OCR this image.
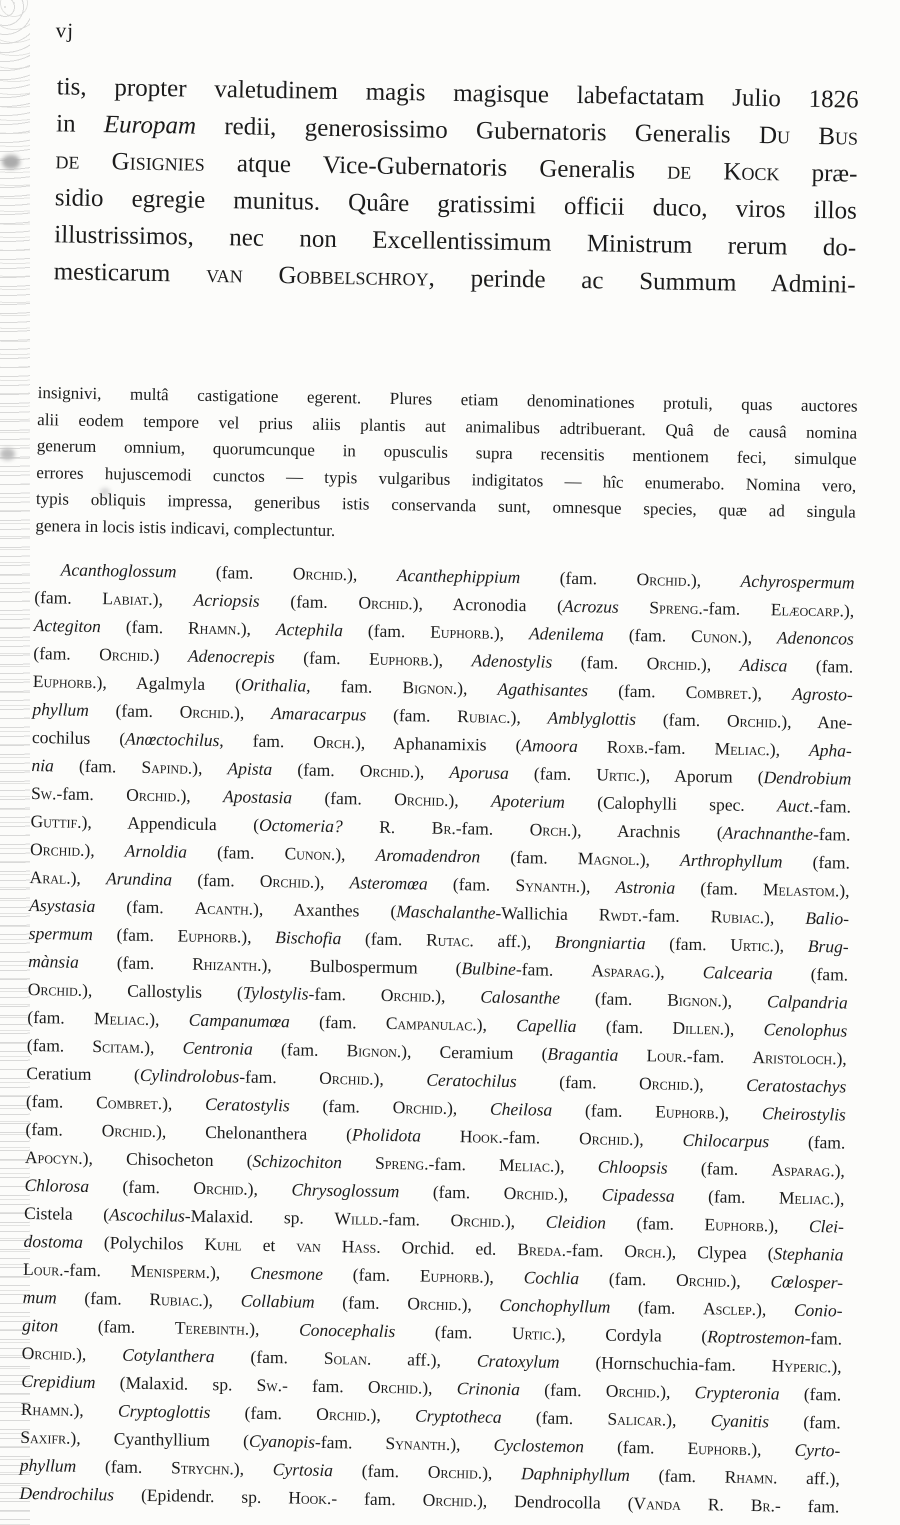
vj
tis, propter valetudinem magis magisque labefactatam Julio 1826
in Europam redii, generosissimo Gubernatoris Generalis Du Bus
de Gisignies atque Vice-Gubernatoris Generalis de Kock præ-
sidio egregie munitus. Quâre gratissimi officii duco, viros illos
illustrissimos, nec non Excellentissimum Ministrum rerum do-
mesticarum van Gobbelschroy, perinde ac Summum Admini-
insignivi, multâ castigatione egerent. Plures etiam denominationes protuli, quas auctores
alii eodem tempore vel prius aliis plantis aut animalibus adtribuerant. Quâ de causâ nomina
generum omnium, quorumcunque in opusculis supra recensitis mentionem feci, simulque
errores hujuscemodi cunctos — typis vulgaribus indigitatos — hîc enumerabo. Nomina vero,
typis obliquis impressa, generibus istis conservanda sunt, omnesque species, quæ ad singula
genera in locis istis indicavi, complectuntur.
Acanthoglossum (fam. Orchid.), Acanthephippium (fam. Orchid.), Achyrospermum
(fam. Labiat.), Acriopsis (fam. Orchid.), Acronodia (Acrozus Spreng.-fam. Elæocarp.),
Actegiton (fam. Rhamn.), Actephila (fam. Euphorb.), Adenilema (fam. Cunon.), Adenoncos
(fam. Orchid.) Adenocrepis (fam. Euphorb.), Adenostylis (fam. Orchid.), Adisca (fam.
Euphorb.), Agalmyla (Orithalia, fam. Bignon.), Agathisantes (fam. Combret.), Agrosto-
phyllum (fam. Orchid.), Amaracarpus (fam. Rubiac.), Amblyglottis (fam. Orchid.), Ane-
cochilus (Anœctochilus, fam. Orch.), Aphanamixis (Amoora Roxb.-fam. Meliac.), Apha-
nia (fam. Sapind.), Apista (fam. Orchid.), Aporusa (fam. Urtic.), Aporum (Dendrobium
Sw.-fam. Orchid.), Apostasia (fam. Orchid.), Apoterium (Calophylli spec. Auct.-fam.
Guttif.), Appendicula (Octomeria? R. Br.-fam. Orch.), Arachnis (Arachnanthe-fam.
Orchid.), Arnoldia (fam. Cunon.), Aromadendron (fam. Magnol.), Arthrophyllum (fam.
Aral.), Arundina (fam. Orchid.), Asteromœa (fam. Synanth.), Astronia (fam. Melastom.),
Asystasia (fam. Acanth.), Axanthes (Maschalanthe-Wallichia Rwdt.-fam. Rubiac.), Balio-
spermum (fam. Euphorb.), Bischofia (fam. Rutac. aff.), Brongniartia (fam. Urtic.), Brug-
mànsia (fam. Rhizanth.), Bulbospermum (Bulbine-fam. Asparag.), Calcearia (fam.
Orchid.), Callostylis (Tylostylis-fam. Orchid.), Calosanthe (fam. Bignon.), Calpandria
(fam. Meliac.), Campanumœa (fam. Campanulac.), Capellia (fam. Dillen.), Cenolophus
(fam. Scitam.), Centronia (fam. Bignon.), Ceramium (Bragantia Lour.-fam. Aristoloch.),
Ceratium (Cylindrolobus-fam. Orchid.), Ceratochilus (fam. Orchid.), Ceratostachys
(fam. Combret.), Ceratostylis (fam. Orchid.), Cheilosa (fam. Euphorb.), Cheirostylis
(fam. Orchid.), Chelonanthera (Pholidota Hook.-fam. Orchid.), Chilocarpus (fam.
Apocyn.), Chisocheton (Schizochiton Spreng.-fam. Meliac.), Chloopsis (fam. Asparag.),
Chlorosa (fam. Orchid.), Chrysoglossum (fam. Orchid.), Cipadessa (fam. Meliac.),
Cistela (Ascochilus-Malaxid. sp. Willd.-fam. Orchid.), Cleidion (fam. Euphorb.), Clei-
dostoma (Polychilos Kuhl et van Hass. Orchid. ed. Breda.-fam. Orch.), Clypea (Stephania
Lour.-fam. Menisperm.), Cnesmone (fam. Euphorb.), Cochlia (fam. Orchid.), Cœlosper-
mum (fam. Rubiac.), Collabium (fam. Orchid.), Conchophyllum (fam. Asclep.), Conio-
giton (fam. Terebinth.), Conocephalis (fam. Urtic.), Cordyla (Roptrostemon-fam.
Orchid.), Cotylanthera (fam. Solan. aff.), Cratoxylum (Hornschuchia-fam. Hyperic.),
Crepidium (Malaxid. sp. Sw.- fam. Orchid.), Crinonia (fam. Orchid.), Crypteronia (fam.
Rhamn.), Cryptoglottis (fam. Orchid.), Cryptotheca (fam. Salicar.), Cyanitis (fam.
Saxifr.), Cyanthyllium (Cyanopis-fam. Synanth.), Cyclostemon (fam. Euphorb.), Cyrto-
phyllum (fam. Strychn.), Cyrtosia (fam. Orchid.), Daphniphyllum (fam. Rhamn. aff.),
Dendrochilus (Epidendr. sp. Hook.- fam. Orchid.), Dendrocolla (Vanda R. Br.- fam.
